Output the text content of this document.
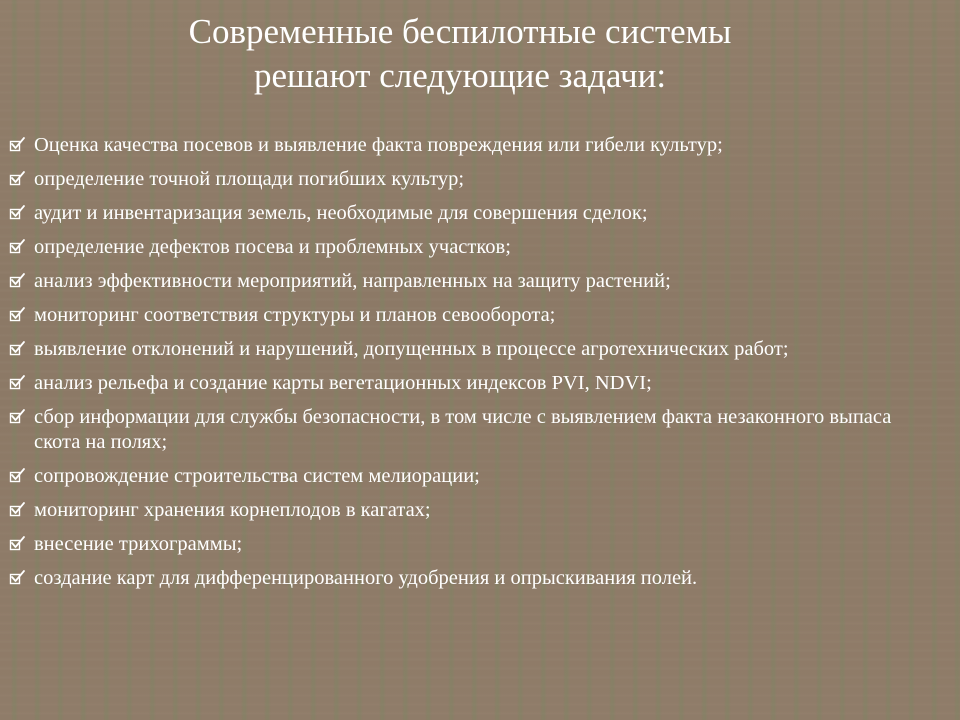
Современные беспилотные системы
решают следующие задачи:
Оценка качества посевов и выявление факта повреждения или гибели культур;
определение точной площади погибших культур;
аудит и инвентаризация земель, необходимые для совершения сделок;
определение дефектов посева и проблемных участков;
анализ эффективности мероприятий, направленных на защиту растений;
мониторинг соответствия структуры и планов севооборота;
выявление отклонений и нарушений, допущенных в процессе агротехнических работ;
анализ рельефа и создание карты вегетационных индексов PVI, NDVI;
сбор информации для службы безопасности, в том числе с выявлением факта незаконного выпаса скота на полях;
сопровождение строительства систем мелиорации;
мониторинг хранения корнеплодов в кагатах;
внесение трихограммы;
создание карт для дифференцированного удобрения и опрыскивания полей.
